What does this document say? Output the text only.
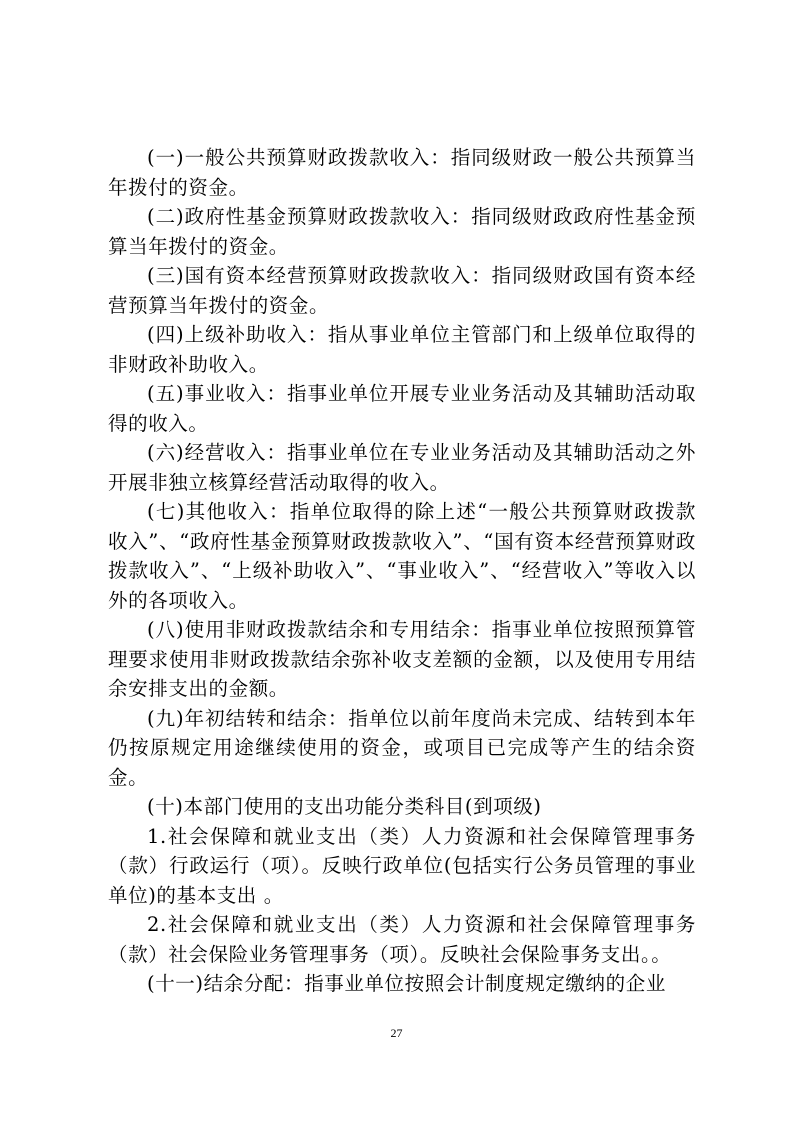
(一)一般公共预算财政拨款收入：指同级财政一般公共预算当年拨付的资金。

(二)政府性基金预算财政拨款收入：指同级财政政府性基金预算当年拨付的资金。

(三)国有资本经营预算财政拨款收入：指同级财政国有资本经营预算当年拨付的资金。

(四)上级补助收入：指从事业单位主管部门和上级单位取得的非财政补助收入。

(五)事业收入：指事业单位开展专业业务活动及其辅助活动取得的收入。

(六)经营收入：指事业单位在专业业务活动及其辅助活动之外开展非独立核算经营活动取得的收入。

(七)其他收入：指单位取得的除上述“一般公共预算财政拨款收入”、“政府性基金预算财政拨款收入”、“国有资本经营预算财政拨款收入”、“上级补助收入”、“事业收入”、“经营收入”等收入以外的各项收入。

(八)使用非财政拨款结余和专用结余：指事业单位按照预算管理要求使用非财政拨款结余弥补收支差额的金额，以及使用专用结余安排支出的金额。

(九)年初结转和结余：指单位以前年度尚未完成、结转到本年仍按原规定用途继续使用的资金，或项目已完成等产生的结余资金。

(十)本部门使用的支出功能分类科目(到项级)

1.社会保障和就业支出（类）人力资源和社会保障管理事务（款）行政运行（项）。反映行政单位(包括实行公务员管理的事业单位)的基本支出 。

2.社会保障和就业支出（类）人力资源和社会保障管理事务（款）社会保险业务管理事务（项）。反映社会保险事务支出。。

(十一)结余分配：指事业单位按照会计制度规定缴纳的企业

27
